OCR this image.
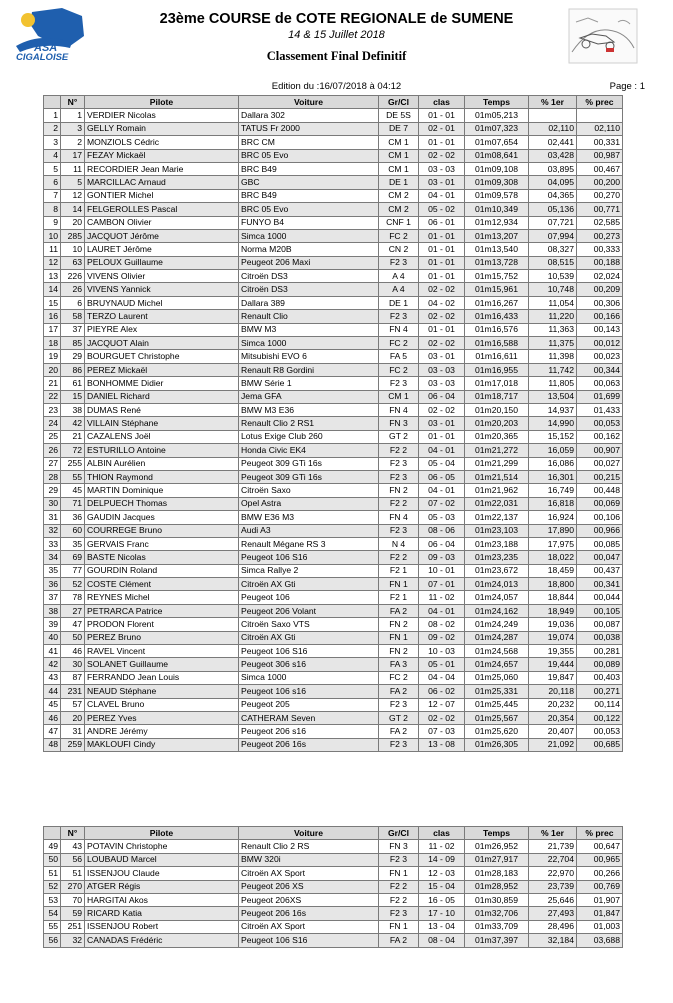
ASA
CIGALOISE
23ème COURSE de COTE REGIONALE de SUMENE
14 & 15 Juillet 2018
Classement Final Definitif
Edition du :16/07/2018 à 04:12	Page : 1
	N°	Pilote	Voiture	Gr/Cl	clas	Temps	% 1er	% prec
1	1	VERDIER Nicolas	Dallara 302	DE 5S	01 - 01	01m05,213		
2	3	GELLY Romain	TATUS Fr 2000	DE 7	02 - 01	01m07,323	02,110	02,110
3	2	MONZIOLS Cédric	BRC CM	CM 1	01 - 01	01m07,654	02,441	00,331
4	17	FEZAY Mickaël	BRC 05 Evo	CM 1	02 - 02	01m08,641	03,428	00,987
5	11	RECORDIER Jean Marie	BRC B49	CM 1	03 - 03	01m09,108	03,895	00,467
6	5	MARCILLAC Arnaud	GBC	DE 1	03 - 01	01m09,308	04,095	00,200
7	12	GONTIER Michel	BRC B49	CM 2	04 - 01	01m09,578	04,365	00,270
8	14	FELGEROLLES Pascal	BRC 05 Evo	CM 2	05 - 02	01m10,349	05,136	00,771
9	20	CAMBON Olivier	FUNYO B4	CNF 1	06 - 01	01m12,934	07,721	02,585
10	285	JACQUOT Jérôme	Simca 1000	FC 2	01 - 01	01m13,207	07,994	00,273
11	10	LAURET Jérôme	Norma M20B	CN 2	01 - 01	01m13,540	08,327	00,333
12	63	PELOUX Guillaume	Peugeot 206 Maxi	F2 3	01 - 01	01m13,728	08,515	00,188
13	226	VIVENS Olivier	Citroën DS3	A 4	01 - 01	01m15,752	10,539	02,024
14	26	VIVENS Yannick	Citroën DS3	A 4	02 - 02	01m15,961	10,748	00,209
15	6	BRUYNAUD Michel	Dallara 389	DE 1	04 - 02	01m16,267	11,054	00,306
16	58	TERZO Laurent	Renault Clio	F2 3	02 - 02	01m16,433	11,220	00,166
17	37	PIEYRE Alex	BMW M3	FN 4	01 - 01	01m16,576	11,363	00,143
18	85	JACQUOT Alain	Simca 1000	FC 2	02 - 02	01m16,588	11,375	00,012
19	29	BOURGUET Christophe	Mitsubishi EVO 6	FA 5	03 - 01	01m16,611	11,398	00,023
20	86	PEREZ Mickaël	Renault R8 Gordini	FC 2	03 - 03	01m16,955	11,742	00,344
21	61	BONHOMME Didier	BMW Série 1	F2 3	03 - 03	01m17,018	11,805	00,063
22	15	DANIEL Richard	Jema GFA	CM 1	06 - 04	01m18,717	13,504	01,699
23	38	DUMAS René	BMW M3 E36	FN 4	02 - 02	01m20,150	14,937	01,433
24	42	VILLAIN Stéphane	Renault Clio 2 RS1	FN 3	03 - 01	01m20,203	14,990	00,053
25	21	CAZALENS Joël	Lotus Exige Club 260	GT 2	01 - 01	01m20,365	15,152	00,162
26	72	ESTURILLO Antoine	Honda Civic EK4	F2 2	04 - 01	01m21,272	16,059	00,907
27	255	ALBIN Aurélien	Peugeot 309 GTi 16s	F2 3	05 - 04	01m21,299	16,086	00,027
28	55	THION Raymond	Peugeot 309 GTi 16s	F2 3	06 - 05	01m21,514	16,301	00,215
29	45	MARTIN Dominique	Citroën Saxo	FN 2	04 - 01	01m21,962	16,749	00,448
30	71	DELPUECH Thomas	Opel Astra	F2 2	07 - 02	01m22,031	16,818	00,069
31	36	GAUDIN Jacques	BMW E36 M3	FN 4	05 - 03	01m22,137	16,924	00,106
32	60	COURREGE Bruno	Audi A3	F2 3	08 - 06	01m23,103	17,890	00,966
33	35	GERVAIS Franc	Renault Mégane RS 3	N 4	06 - 04	01m23,188	17,975	00,085
34	69	BASTE Nicolas	Peugeot 106 S16	F2 2	09 - 03	01m23,235	18,022	00,047
35	77	GOURDIN Roland	Simca Rallye 2	F2 1	10 - 01	01m23,672	18,459	00,437
36	52	COSTE Clément	Citroën AX Gti	FN 1	07 - 01	01m24,013	18,800	00,341
37	78	REYNES Michel	Peugeot 106	F2 1	11 - 02	01m24,057	18,844	00,044
38	27	PETRARCA Patrice	Peugeot 206 Volant	FA 2	04 - 01	01m24,162	18,949	00,105
39	47	PRODON Florent	Citroën Saxo VTS	FN 2	08 - 02	01m24,249	19,036	00,087
40	50	PEREZ Bruno	Citroën AX Gti	FN 1	09 - 02	01m24,287	19,074	00,038
41	46	RAVEL Vincent	Peugeot 106 S16	FN 2	10 - 03	01m24,568	19,355	00,281
42	30	SOLANET Guillaume	Peugeot 306 s16	FA 3	05 - 01	01m24,657	19,444	00,089
43	87	FERRANDO Jean Louis	Simca 1000	FC 2	04 - 04	01m25,060	19,847	00,403
44	231	NEAUD Stéphane	Peugeot 106 s16	FA 2	06 - 02	01m25,331	20,118	00,271
45	57	CLAVEL Bruno	Peugeot 205	F2 3	12 - 07	01m25,445	20,232	00,114
46	20	PEREZ Yves	CATHERAM Seven	GT 2	02 - 02	01m25,567	20,354	00,122
47	31	ANDRE Jérémy	Peugeot 206 s16	FA 2	07 - 03	01m25,620	20,407	00,053
48	259	MAKLOUFI Cindy	Peugeot 206 16s	F2 3	13 - 08	01m26,305	21,092	00,685
	N°	Pilote	Voiture	Gr/Cl	clas	Temps	% 1er	% prec
49	43	POTAVIN Christophe	Renault Clio 2 RS	FN 3	11 - 02	01m26,952	21,739	00,647
50	56	LOUBAUD Marcel	BMW 320i	F2 3	14 - 09	01m27,917	22,704	00,965
51	51	ISSENJOU Claude	Citroën AX Sport	FN 1	12 - 03	01m28,183	22,970	00,266
52	270	ATGER Régis	Peugeot 206 XS	F2 2	15 - 04	01m28,952	23,739	00,769
53	70	HARGITAI Akos	Peugeot 206XS	F2 2	16 - 05	01m30,859	25,646	01,907
54	59	RICARD Katia	Peugeot 206 16s	F2 3	17 - 10	01m32,706	27,493	01,847
55	251	ISSENJOU Robert	Citroën AX Sport	FN 1	13 - 04	01m33,709	28,496	01,003
56	32	CANADAS Frédéric	Peugeot 106 S16	FA 2	08 - 04	01m37,397	32,184	03,688
